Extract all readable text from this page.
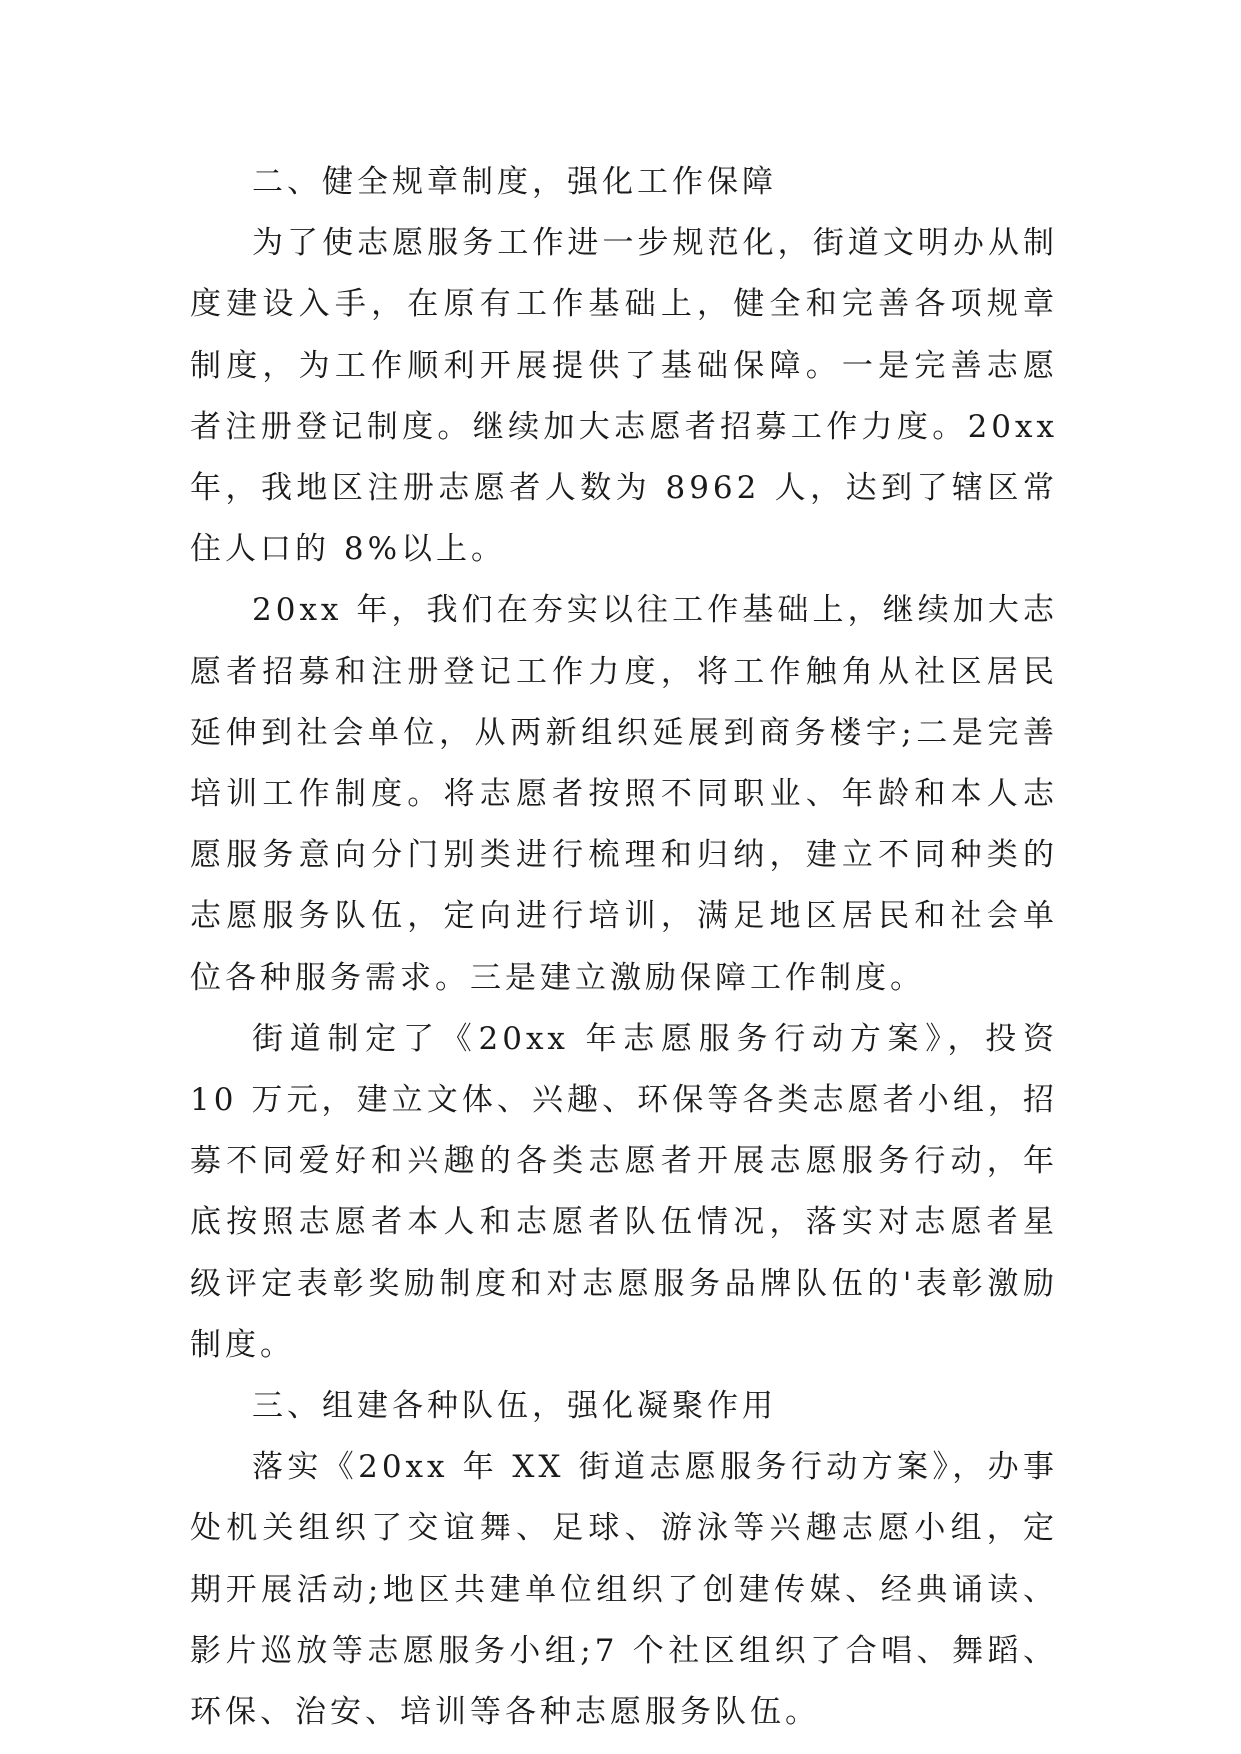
二、健全规章制度，强化工作保障

为了使志愿服务工作进一步规范化，街道文明办从制度建设入手，在原有工作基础上，健全和完善各项规章制度，为工作顺利开展提供了基础保障。一是完善志愿者注册登记制度。继续加大志愿者招募工作力度。20xx 年，我地区注册志愿者人数为 8962 人，达到了辖区常住人口的 8%以上。

20xx 年，我们在夯实以往工作基础上，继续加大志愿者招募和注册登记工作力度，将工作触角从社区居民延伸到社会单位，从两新组织延展到商务楼宇;二是完善培训工作制度。将志愿者按照不同职业、年龄和本人志愿服务意向分门别类进行梳理和归纳，建立不同种类的志愿服务队伍，定向进行培训，满足地区居民和社会单位各种服务需求。三是建立激励保障工作制度。

街道制定了《20xx 年志愿服务行动方案》，投资 10 万元，建立文体、兴趣、环保等各类志愿者小组，招募不同爱好和兴趣的各类志愿者开展志愿服务行动，年底按照志愿者本人和志愿者队伍情况，落实对志愿者星级评定表彰奖励制度和对志愿服务品牌队伍的'表彰激励制度。

三、组建各种队伍，强化凝聚作用

落实《20xx 年 XX 街道志愿服务行动方案》，办事处机关组织了交谊舞、足球、游泳等兴趣志愿小组，定期开展活动;地区共建单位组织了创建传媒、经典诵读、影片巡放等志愿服务小组;7 个社区组织了合唱、舞蹈、环保、治安、培训等各种志愿服务队伍。
